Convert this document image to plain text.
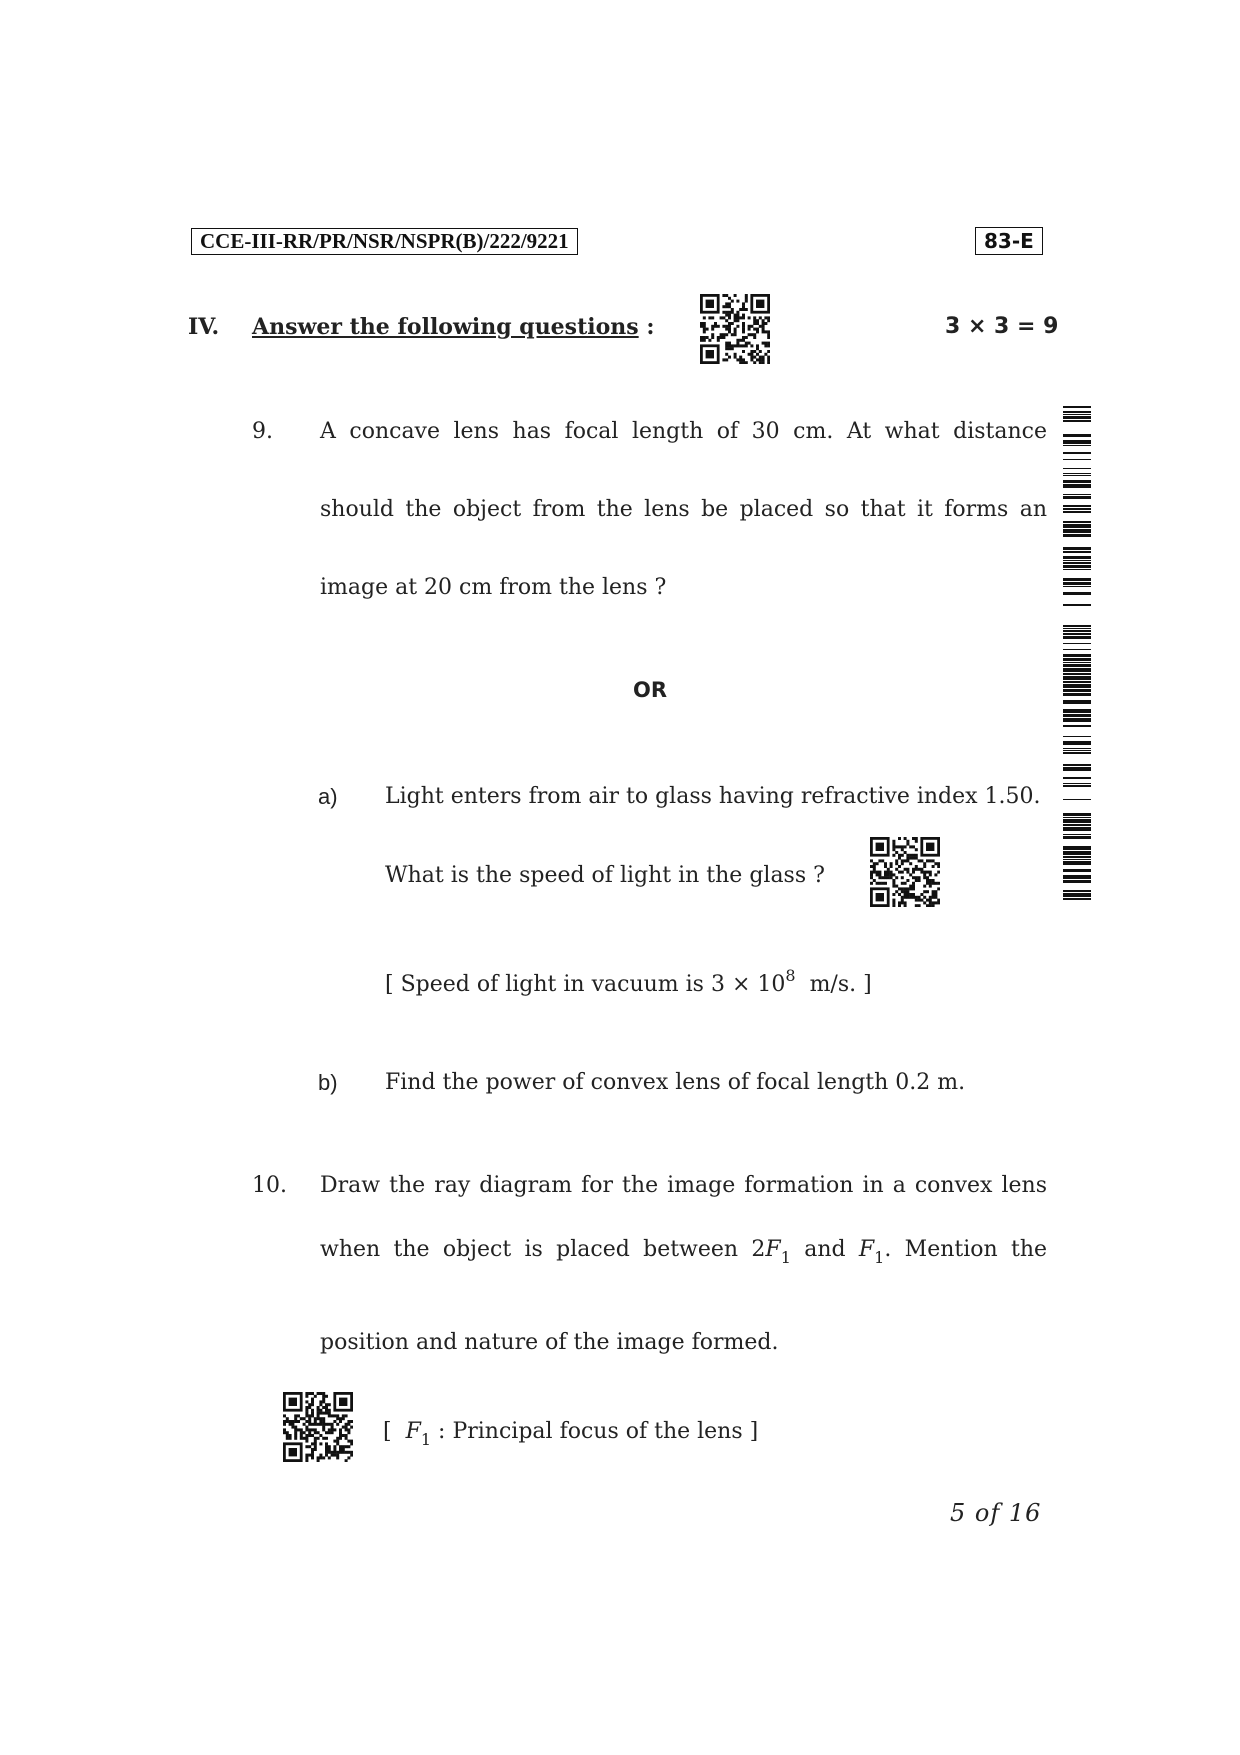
CCE-III-RR/PR/NSR/NSPR(B)/222/9221	83-E
IV. Answer the following questions :	3 × 3 = 9
9. A concave lens has focal length of 30 cm. At what distance
should the object from the lens be placed so that it forms an
image at 20 cm from the lens ?
OR
a) Light enters from air to glass having refractive index 1.50.
What is the speed of light in the glass ?
[ Speed of light in vacuum is $3 \times 10^8$ m/s. ]
b) Find the power of convex lens of focal length 0.2 m.
10. Draw the ray diagram for the image formation in a convex lens
when the object is placed between $2F_1$ and $F_1$. Mention the
position and nature of the image formed.
[ $F_1$ : Principal focus of the lens ]
5 of 16
